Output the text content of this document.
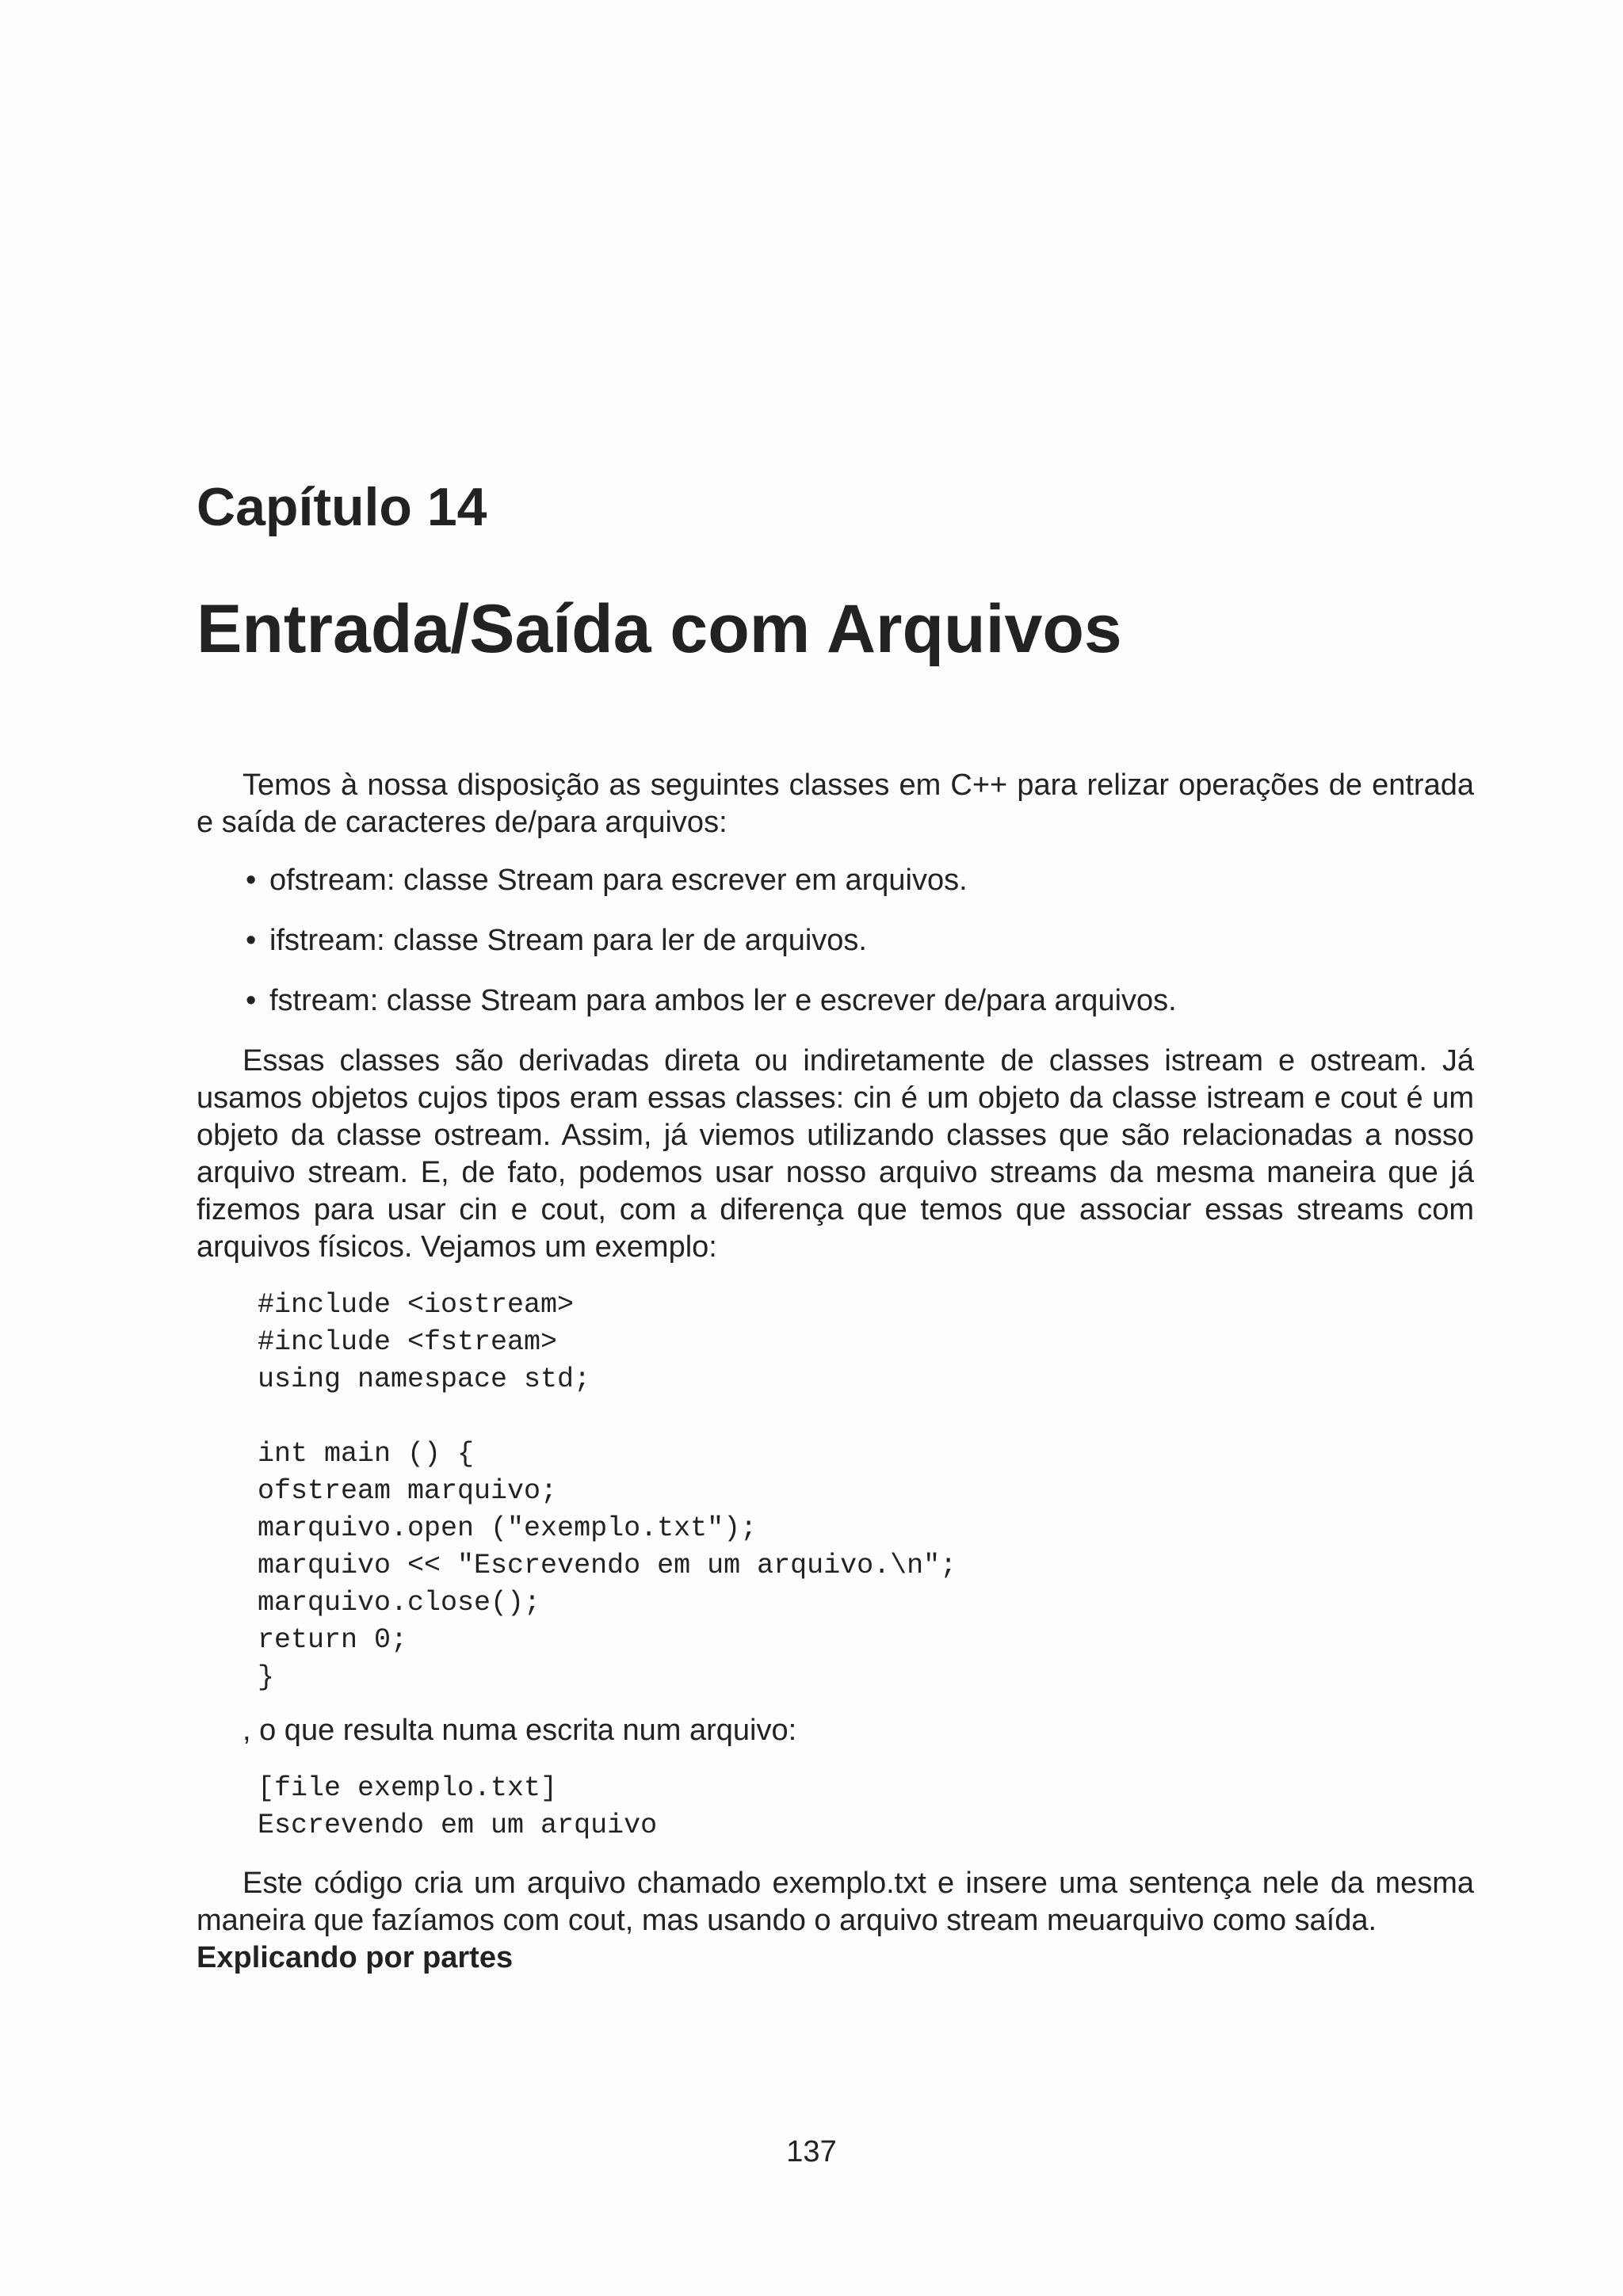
Capítulo 14
Entrada/Saída com Arquivos

Temos à nossa disposição as seguintes classes em C++ para relizar operações de entrada e saída de caracteres de/para arquivos:

• ofstream: classe Stream para escrever em arquivos.
• ifstream: classe Stream para ler de arquivos.
• fstream: classe Stream para ambos ler e escrever de/para arquivos.

Essas classes são derivadas direta ou indiretamente de classes istream e ostream. Já usamos objetos cujos tipos eram essas classes: cin é um objeto da classe istream e cout é um objeto da classe ostream. Assim, já viemos utilizando classes que são relacionadas a nosso arquivo stream. E, de fato, podemos usar nosso arquivo streams da mesma maneira que já fizemos para usar cin e cout, com a diferença que temos que associar essas streams com arquivos físicos. Vejamos um exemplo:

#include <iostream>
#include <fstream>
using namespace std;

int main () {
ofstream marquivo;
marquivo.open ("exemplo.txt");
marquivo << "Escrevendo em um arquivo.\n";
marquivo.close();
return 0;
}

, o que resulta numa escrita num arquivo:

[file exemplo.txt]
Escrevendo em um arquivo

Este código cria um arquivo chamado exemplo.txt e insere uma sentença nele da mesma maneira que fazíamos com cout, mas usando o arquivo stream meuarquivo como saída.

Explicando por partes

137
